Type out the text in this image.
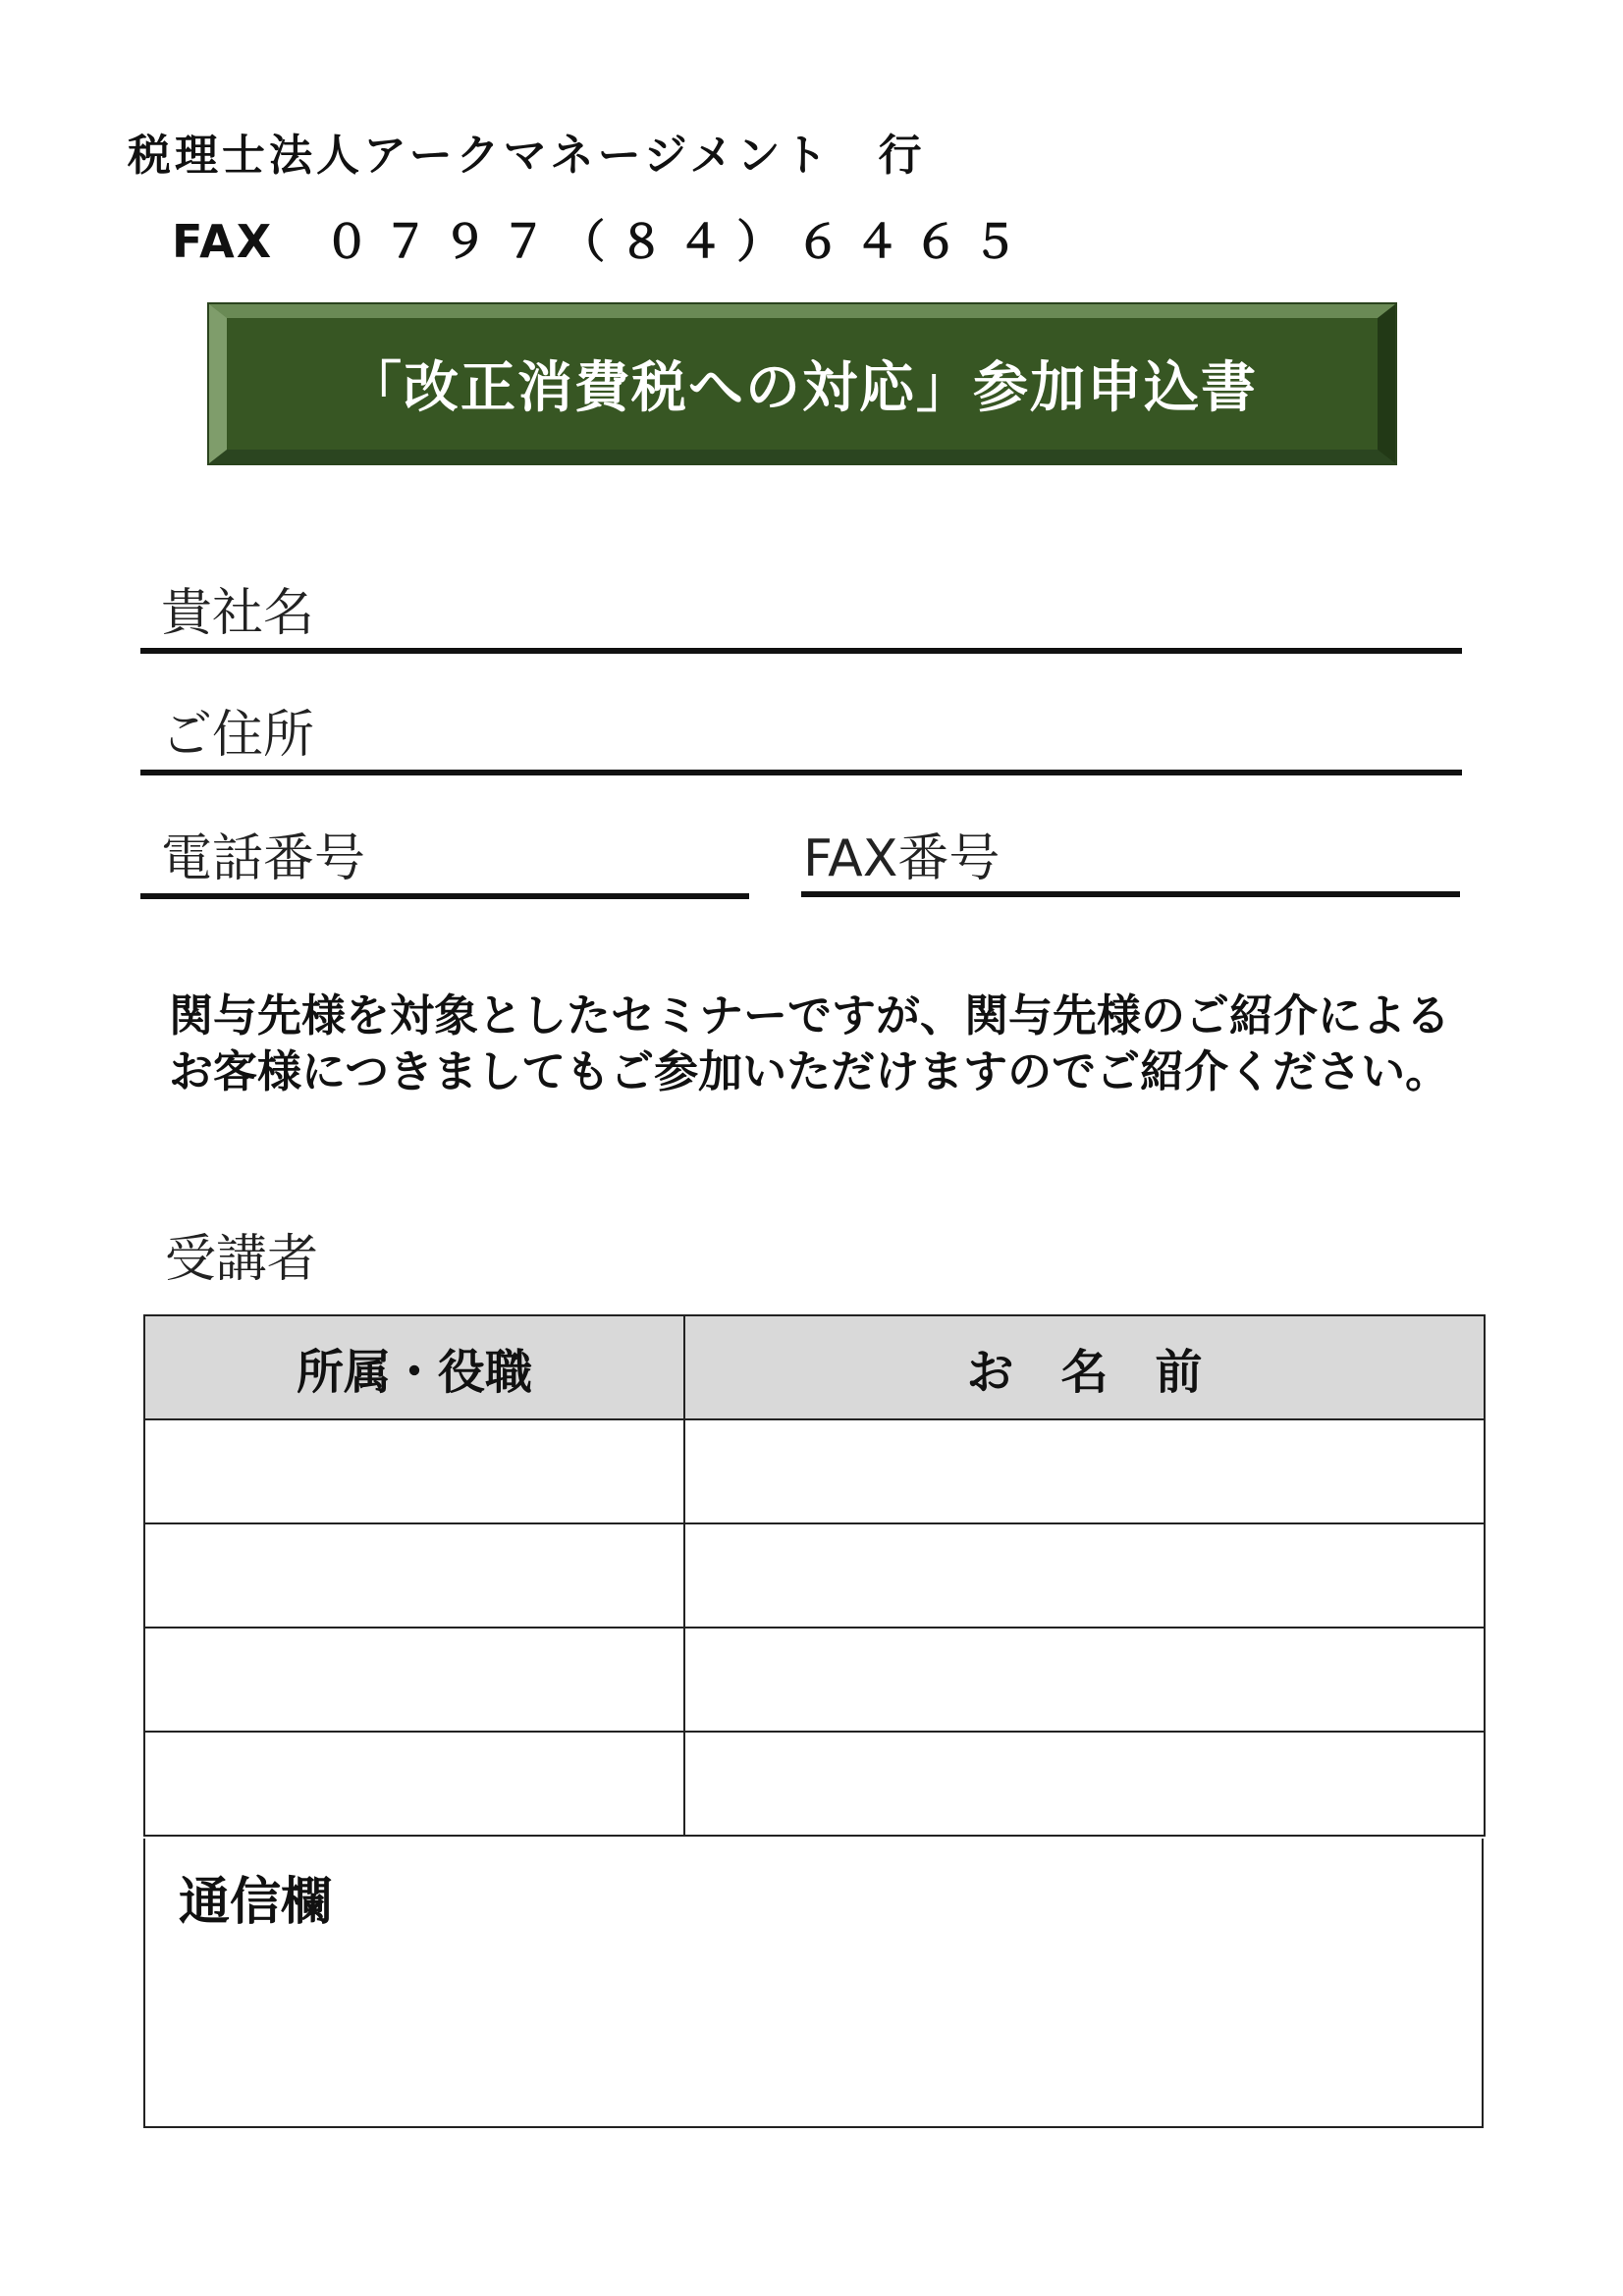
税理士法人アークマネージメント　行
FAX ０７９７（８４）６４６５
「改正消費税への対応」参加申込書
貴社名
ご住所
電話番号	FAX番号
関与先様を対象としたセミナーですが、関与先様のご紹介による
お客様につきましてもご参加いただけますのでご紹介ください。
受講者
所属・役職	お　名　前

通信欄
